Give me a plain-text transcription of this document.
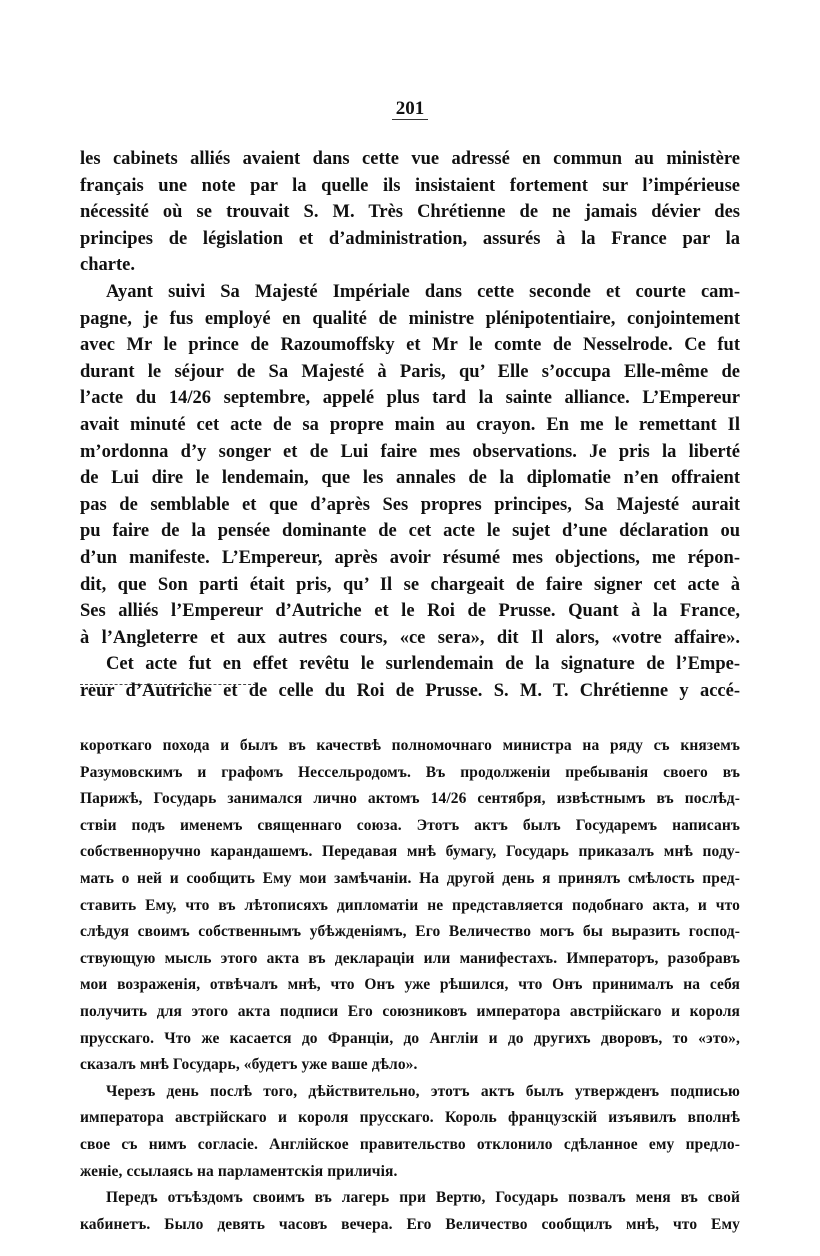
201
les cabinets alliés avaient dans cette vue adressé en commun au ministère
français une note par la quelle ils insistaient fortement sur l’impérieuse
nécessité où se trouvait S. M. Très Chrétienne de ne jamais dévier des
principes de législation et d’administration, assurés à la France par la
charte.
Ayant suivi Sa Majesté Impériale dans cette seconde et courte cam-
pagne, je fus employé en qualité de ministre plénipotentiaire, conjointement
avec Mr le prince de Razoumoffsky et Mr le comte de Nesselrode. Ce fut
durant le séjour de Sa Majesté à Paris, qu’ Elle s’occupa Elle-même de
l’acte du 14/26 septembre, appelé plus tard la sainte alliance. L’Empereur
avait minuté cet acte de sa propre main au crayon. En me le remettant Il
m’ordonna d’y songer et de Lui faire mes observations. Je pris la liberté
de Lui dire le lendemain, que les annales de la diplomatie n’en offraient
pas de semblable et que d’après Ses propres principes, Sa Majesté aurait
pu faire de la pensée dominante de cet acte le sujet d’une déclaration ou
d’un manifeste. L’Empereur, après avoir résumé mes objections, me répon-
dit, que Son parti était pris, qu’ Il se chargeait de faire signer cet acte à
Ses alliés l’Empereur d’Autriche et le Roi de Prusse. Quant à la France,
à l’Angleterre et aux autres cours, «ce sera», dit Il alors, «votre affaire».
Cet acte fut en effet revêtu le surlendemain de la signature de l’Empe-
reur d’Autriche et de celle du Roi de Prusse. S. M. T. Chrétienne y accé-
короткаго похода и былъ въ качествѣ полномочнаго министра на ряду съ княземъ
Разумовскимъ и графомъ Нессельродомъ. Въ продолженіи пребыванія своего въ
Парижѣ, Государь занимался лично актомъ 14/26 сентября, извѣстнымъ въ послѣд-
ствіи подъ именемъ священнаго союза. Этотъ актъ былъ Государемъ написанъ
собственноручно карандашемъ. Передавая мнѣ бумагу, Государь приказалъ мнѣ поду-
мать о ней и сообщить Ему мои замѣчаніи. На другой день я принялъ смѣлость пред-
ставить Ему, что въ лѣтописяхъ дипломатіи не представляется подобнаго акта, и что
слѣдуя своимъ собственнымъ убѣжденіямъ, Его Величество могъ бы выразить господ-
ствующую мысль этого акта въ деклараціи или манифестахъ. Императоръ, разобравъ
мои возраженія, отвѣчалъ мнѣ, что Онъ уже рѣшился, что Онъ принималъ на себя
получить для этого акта подписи Его союзниковъ императора австрійскаго и короля
прусскаго. Что же касается до Франціи, до Англіи и до другихъ дворовъ, то «это»,
сказалъ мнѣ Государь, «будетъ уже ваше дѣло».
Черезъ день послѣ того, дѣйствительно, этотъ актъ былъ утвержденъ подписью
императора австрійскаго и короля прусскаго. Король французскій изъявилъ вполнѣ
свое съ нимъ согласіе. Англійское правительство отклонило сдѣланное ему предло-
женіе, ссылаясь на парламентскія приличія.
Передъ отъѣздомъ своимъ въ лагерь при Вертю, Государь позвалъ меня въ свой
кабинетъ. Было девять часовъ вечера. Его Величество сообщилъ мнѣ, что Ему
